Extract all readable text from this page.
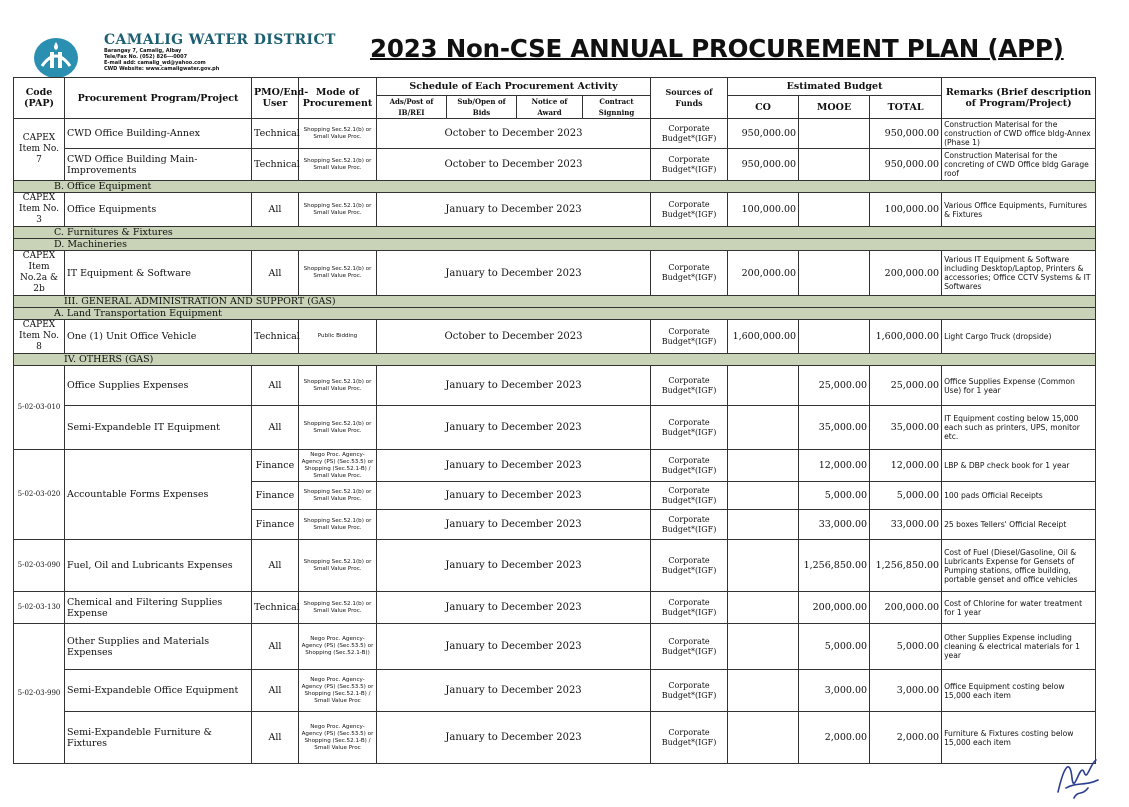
CAMALIG WATER DISTRICT
Barangay 7, Camalig, Albay
Tele/Fax No. (052) 826---0007
E-mail add: camalig_wd@yahoo.com
CWD Website: www.camaligwater.gov.ph
2023 Non-CSE ANNUAL PROCUREMENT PLAN (APP)
Code (PAP)	Procurement Program/Project	PMO/End-User	Mode of Procurement	Schedule of Each Procurement Activity				Sources of Funds	Estimated Budget			Remarks (Brief description of Program/Project)
				Ads/Post of IB/REI	Sub/Open of Bids	Notice of Award	Contract Signning		CO	MOOE	TOTAL	
CAPEX Item No. 7	CWD Office Building-Annex	Technical	Shopping Sec.52.1(b) or Small Value Proc.	October to December 2023				Corporate Budget*(IGF)	950,000.00		950,000.00	Construction Materisal for the construction of CWD office bldg-Annex (Phase 1)
	CWD Office Building Main-Improvements	Technical	Shopping Sec.52.1(b) or Small Value Proc.	October to December 2023				Corporate Budget*(IGF)	950,000.00		950,000.00	Construction Materisal for the concreting of CWD Office bldg Garage roof
B. Office Equipment												
CAPEX Item No. 3	Office Equipments	All	Shopping Sec.52.1(b) or Small Value Proc.	January to December 2023				Corporate Budget*(IGF)	100,000.00		100,000.00	Various Office Equipments, Furnitures & Fixtures
C. Furnitures & Fixtures												
D. Machineries												
CAPEX Item No.2a & 2b	IT Equipment & Software	All	Shopping Sec.52.1(b) or Small Value Proc.	January to December 2023				Corporate Budget*(IGF)	200,000.00		200,000.00	Various IT Equipment & Software including Desktop/Laptop, Printers & accessories; Office CCTV Systems & IT Softwares
III. GENERAL ADMINISTRATION AND SUPPORT (GAS)												
A. Land Transportation Equipment												
CAPEX Item No. 8	One (1) Unit Office Vehicle	Technical	Public Bidding	October to December 2023				Corporate Budget*(IGF)	1,600,000.00		1,600,000.00	Light Cargo Truck (dropside)
IV. OTHERS (GAS)												
5-02-03-010	Office Supplies Expenses	All	Shopping Sec.52.1(b) or Small Value Proc.	January to December 2023				Corporate Budget*(IGF)		25,000.00	25,000.00	Office Supplies Expense (Common Use) for 1 year
	Semi-Expandeble IT Equipment	All	Shopping Sec.52.1(b) or Small Value Proc.	January to December 2023				Corporate Budget*(IGF)		35,000.00	35,000.00	IT Equipment costing below 15,000 each such as printers, UPS, monitor etc.
5-02-03-020	Accountable Forms Expenses	Finance	Nego Proc. Agency-Agency (PS) (Sec.53.5) or Shopping (Sec.52.1-B) / Small Value Proc.	January to December 2023				Corporate Budget*(IGF)		12,000.00	12,000.00	LBP & DBP check book for 1 year
		Finance	Shopping Sec.52.1(b) or Small Value Proc.	January to December 2023				Corporate Budget*(IGF)		5,000.00	5,000.00	100 pads Official Receipts
		Finance	Shopping Sec.52.1(b) or Small Value Proc.	January to December 2023				Corporate Budget*(IGF)		33,000.00	33,000.00	25 boxes Tellers' Official Receipt
5-02-03-090	Fuel, Oil and Lubricants Expenses	All	Shopping Sec.52.1(b) or Small Value Proc.	January to December 2023				Corporate Budget*(IGF)		1,256,850.00	1,256,850.00	Cost of Fuel (Diesel/Gasoline, Oil & Lubricants Expense for Gensets of Pumping stations, office building, portable genset and office vehicles
5-02-03-130	Chemical and Filtering Supplies Expense	Technical	Shopping Sec.52.1(b) or Small Value Proc.	January to December 2023				Corporate Budget*(IGF)		200,000.00	200,000.00	Cost of Chlorine for water treatment for 1 year
5-02-03-990	Other Supplies and Materials Expenses	All	Nego Proc. Agency-Agency (PS) (Sec.53.5) or Shopping (Sec.52.1-B))	January to December 2023				Corporate Budget*(IGF)		5,000.00	5,000.00	Other Supplies Expense including cleaning & electrical materials for 1 year
	Semi-Expandeble Office Equipment	All	Nego Proc. Agency-Agency (PS) (Sec.53.5) or Shopping (Sec.52.1-B) / Small Value Proc	January to December 2023				Corporate Budget*(IGF)		3,000.00	3,000.00	Office Equipment costing below 15,000 each item
	Semi-Expandeble Furniture & Fixtures	All	Nego Proc. Agency-Agency (PS) (Sec.53.5) or Shopping (Sec.52.1-B) / Small Value Proc	January to December 2023				Corporate Budget*(IGF)		2,000.00	2,000.00	Furniture & Fixtures costing below 15,000 each item
